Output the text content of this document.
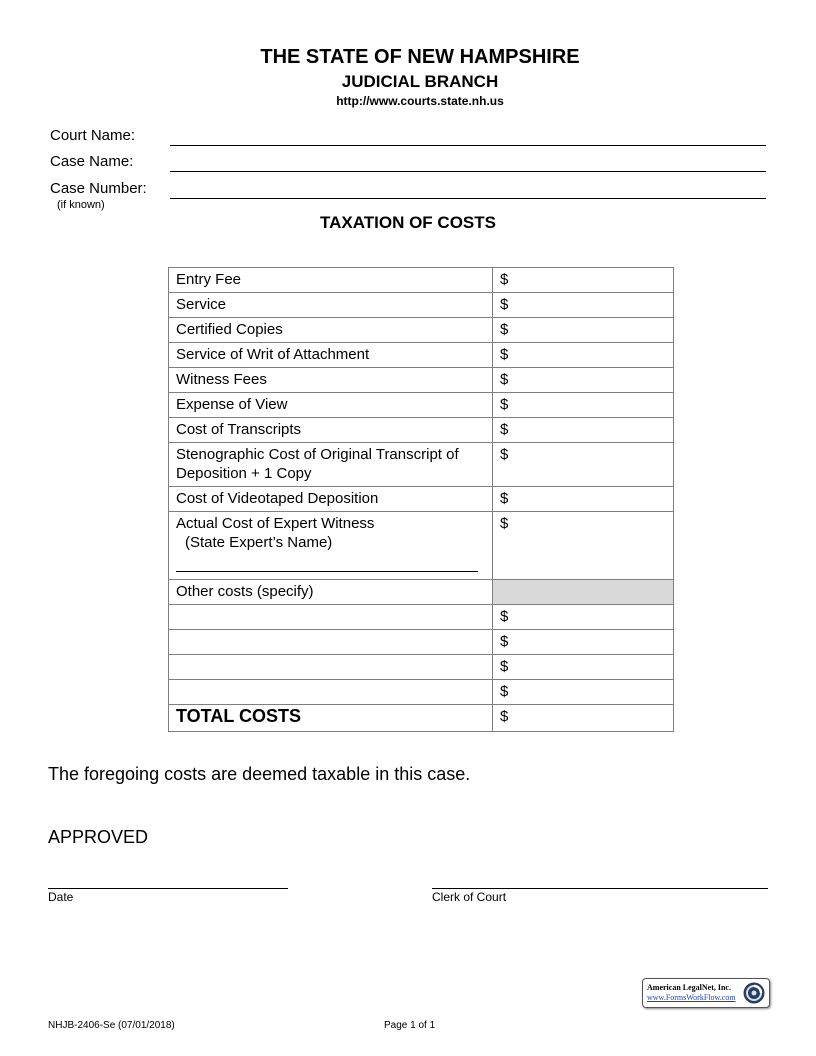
THE STATE OF NEW HAMPSHIRE
JUDICIAL BRANCH
http://www.courts.state.nh.us
Court Name:
Case Name:
Case Number:
(if known)
TAXATION OF COSTS
Entry Fee	$
Service	$
Certified Copies	$
Service of Writ of Attachment	$
Witness Fees	$
Expense of View	$
Cost of Transcripts	$
Stenographic Cost of Original Transcript of Deposition + 1 Copy	$
Cost of Videotaped Deposition	$

Actual Cost of Expert Witness
(State Expert’s Name)	$
Other costs (specify)	
	$
	$
	$
	$
TOTAL COSTS	$
The foregoing costs are deemed taxable in this case.
APPROVED
Date	Clerk of Court
American LegalNet, Inc.
www.FormsWorkFlow.com
NHJB-2406-Se (07/01/2018)	Page 1 of 1
